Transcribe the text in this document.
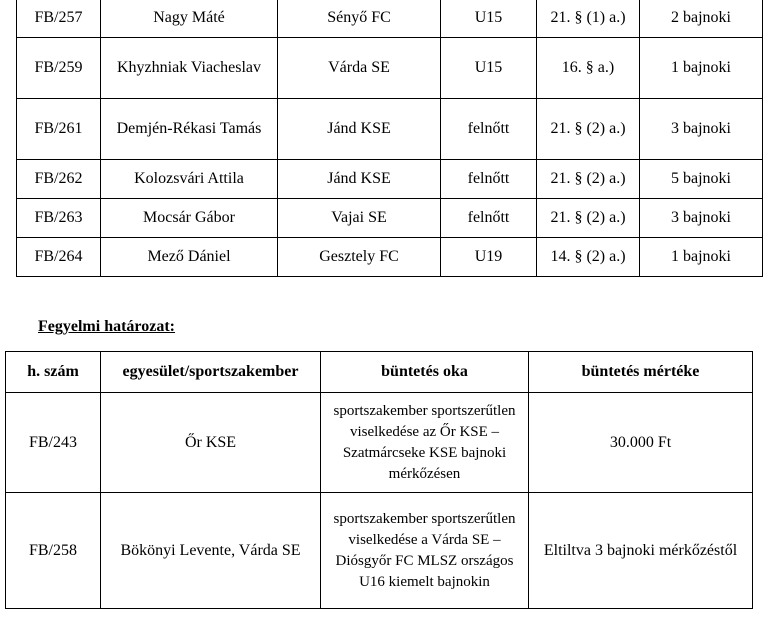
FB/257	Nagy Máté	Sényő FC	U15	21. § (1) a.)	2 bajnoki
FB/259	Khyzhniak Viacheslav	Várda SE	U15	16. § a.)	1 bajnoki
FB/261	Demjén-Rékasi Tamás	Jánd KSE	felnőtt	21. § (2) a.)	3 bajnoki
FB/262	Kolozsvári Attila	Jánd KSE	felnőtt	21. § (2) a.)	5 bajnoki
FB/263	Mocsár Gábor	Vajai SE	felnőtt	21. § (2) a.)	3 bajnoki
FB/264	Mező Dániel	Gesztely FC	U19	14. § (2) a.)	1 bajnoki

Fegyelmi határozat:

h. szám	egyesület/sportszakember	büntetés oka	büntetés mértéke
FB/243	Őr KSE	sportszakember sportszerűtlen viselkedése az Őr KSE – Szatmárcseke KSE bajnoki mérkőzésen	30.000 Ft
FB/258	Bökönyi Levente, Várda SE	sportszakember sportszerűtlen viselkedése a Várda SE – Diósgyőr FC MLSZ országos U16 kiemelt bajnokin	Eltiltva 3 bajnoki mérkőzéstől
